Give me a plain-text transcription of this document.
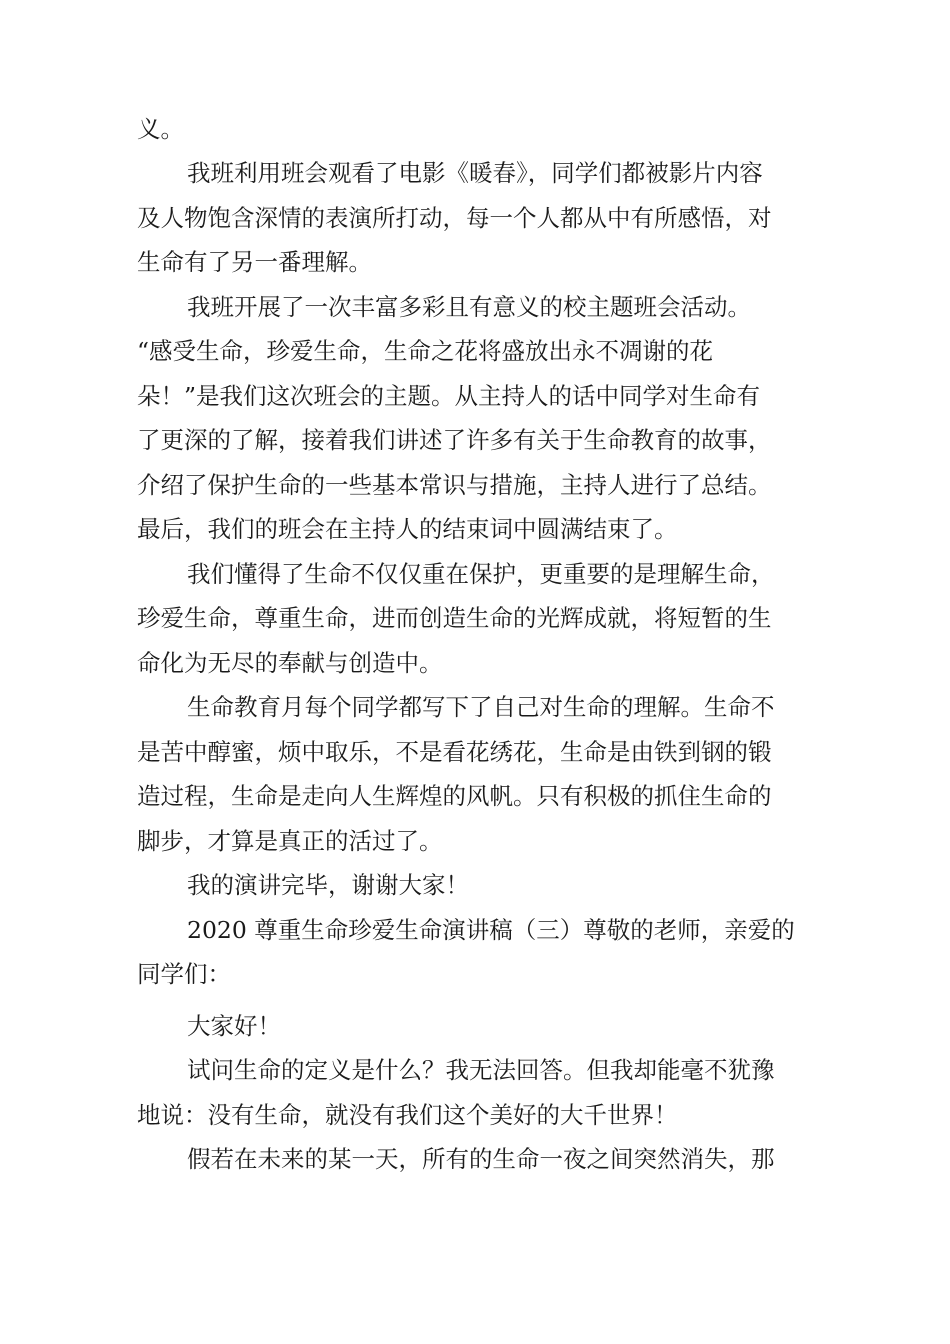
义。
我班利用班会观看了电影《暖春》，同学们都被影片内容
及人物饱含深情的表演所打动，每一个人都从中有所感悟，对
生命有了另一番理解。
我班开展了一次丰富多彩且有意义的校主题班会活动。
“感受生命，珍爱生命，生命之花将盛放出永不凋谢的花
朵！”是我们这次班会的主题。从主持人的话中同学对生命有
了更深的了解，接着我们讲述了许多有关于生命教育的故事，
介绍了保护生命的一些基本常识与措施，主持人进行了总结。
最后，我们的班会在主持人的结束词中圆满结束了。
我们懂得了生命不仅仅重在保护，更重要的是理解生命，
珍爱生命，尊重生命，进而创造生命的光辉成就，将短暂的生
命化为无尽的奉献与创造中。
生命教育月每个同学都写下了自己对生命的理解。生命不
是苦中醇蜜，烦中取乐，不是看花绣花，生命是由铁到钢的锻
造过程，生命是走向人生辉煌的风帆。只有积极的抓住生命的
脚步，才算是真正的活过了。
我的演讲完毕，谢谢大家！
2020 尊重生命珍爱生命演讲稿（三）尊敬的老师，亲爱的
同学们：
大家好！
试问生命的定义是什么？我无法回答。但我却能毫不犹豫
地说：没有生命，就没有我们这个美好的大千世界！
假若在未来的某一天，所有的生命一夜之间突然消失，那
